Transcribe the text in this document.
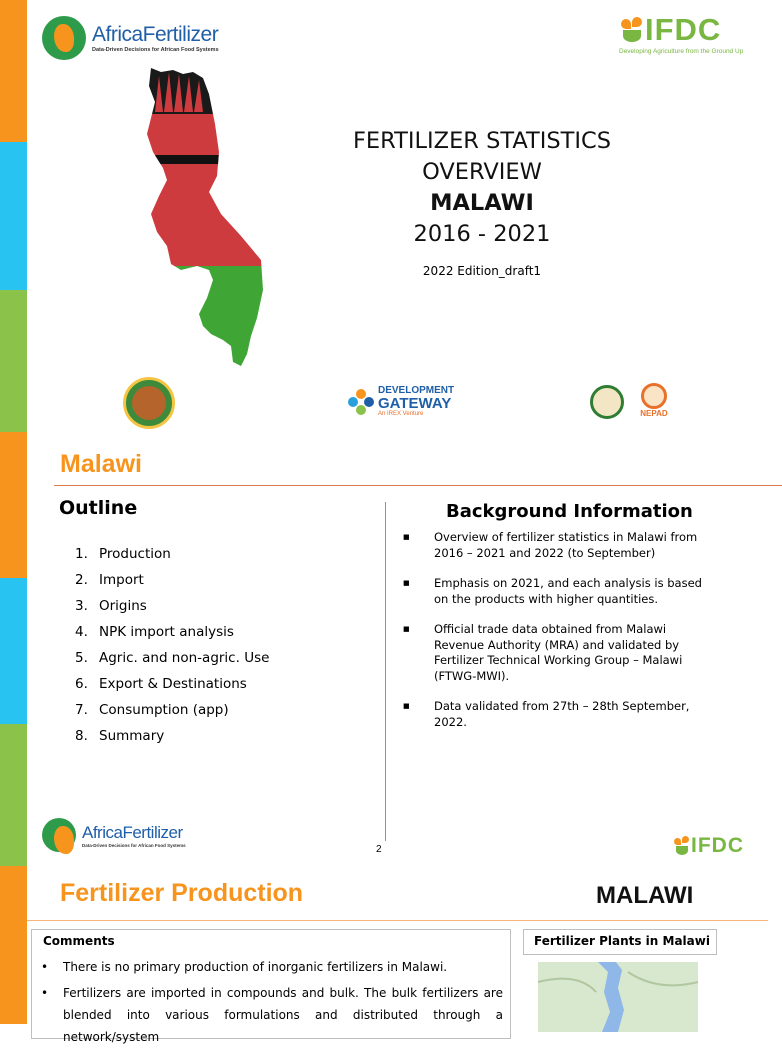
AfricaFertilizer
Data-Driven Decisions for African Food Systems
IFDC
Developing Agriculture from the Ground Up
FERTILIZER STATISTICS
OVERVIEW
MALAWI
2016 - 2021
2022 Edition_draft1
DEVELOPMENT
GATEWAY
An IREX Venture	NEPAD
Malawi
Outline
1. Production
2. Import
3. Origins
4. NPK import analysis
5. Agric. and non-agric. Use
6. Export & Destinations
7. Consumption (app)
8. Summary
Background Information
■	Overview of fertilizer statistics in Malawi from 2016 – 2021 and 2022 (to September)
■	Emphasis on 2021, and each analysis is based on the products with higher quantities.
■	Official trade data obtained from Malawi Revenue Authority (MRA) and validated by Fertilizer Technical Working Group – Malawi (FTWG-MWI).
■	Data validated from 27th – 28th September, 2022.
2
AfricaFertilizer
Data-Driven Decisions for African Food Systems	IFDC
Fertilizer Production	MALAWI
Comments
•	There is no primary production of inorganic fertilizers in Malawi.
•	Fertilizers are imported in compounds and bulk. The bulk fertilizers are blended into various formulations and distributed through a network/system
Fertilizer Plants in Malawi
